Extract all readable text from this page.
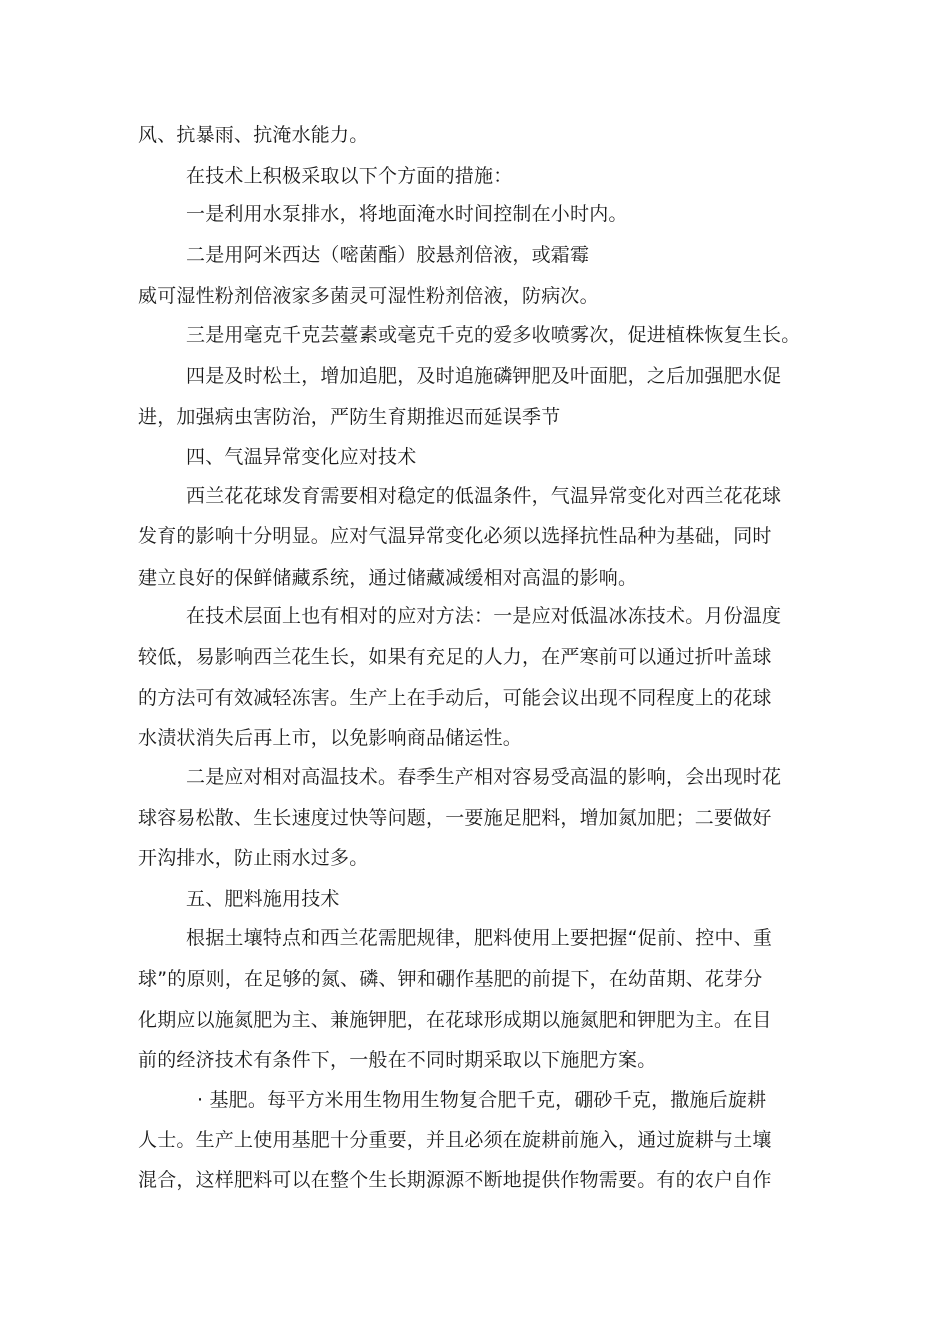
风、抗暴雨、抗淹水能力。
在技术上积极采取以下个方面的措施：
一是利用水泵排水，将地面淹水时间控制在小时内。
二是用阿米西达（嘧菌酯）胶悬剂倍液，或霜霉
威可湿性粉剂倍液家多菌灵可湿性粉剂倍液，防病次。
三是用毫克千克芸薹素或毫克千克的爱多收喷雾次，促进植株恢复生长。
四是及时松土，增加追肥，及时追施磷钾肥及叶面肥，之后加强肥水促
进，加强病虫害防治，严防生育期推迟而延误季节
四、气温异常变化应对技术
西兰花花球发育需要相对稳定的低温条件，气温异常变化对西兰花花球
发育的影响十分明显。应对气温异常变化必须以选择抗性品种为基础，同时
建立良好的保鲜储藏系统，通过储藏减缓相对高温的影响。
在技术层面上也有相对的应对方法：一是应对低温冰冻技术。月份温度
较低，易影响西兰花生长，如果有充足的人力，在严寒前可以通过折叶盖球
的方法可有效减轻冻害。生产上在手动后，可能会议出现不同程度上的花球
水渍状消失后再上市，以免影响商品储运性。
二是应对相对高温技术。春季生产相对容易受高温的影响，会出现时花
球容易松散、生长速度过快等问题，一要施足肥料，增加氮加肥；二要做好
开沟排水，防止雨水过多。
五、肥料施用技术
根据土壤特点和西兰花需肥规律，肥料使用上要把握“促前、控中、重
球”的原则，在足够的氮、磷、钾和硼作基肥的前提下，在幼苗期、花芽分
化期应以施氮肥为主、兼施钾肥，在花球形成期以施氮肥和钾肥为主。在目
前的经济技术有条件下，一般在不同时期采取以下施肥方案。
· 基肥。每平方米用生物用生物复合肥千克，硼砂千克，撒施后旋耕
人士。生产上使用基肥十分重要，并且必须在旋耕前施入，通过旋耕与土壤
混合，这样肥料可以在整个生长期源源不断地提供作物需要。有的农户自作
